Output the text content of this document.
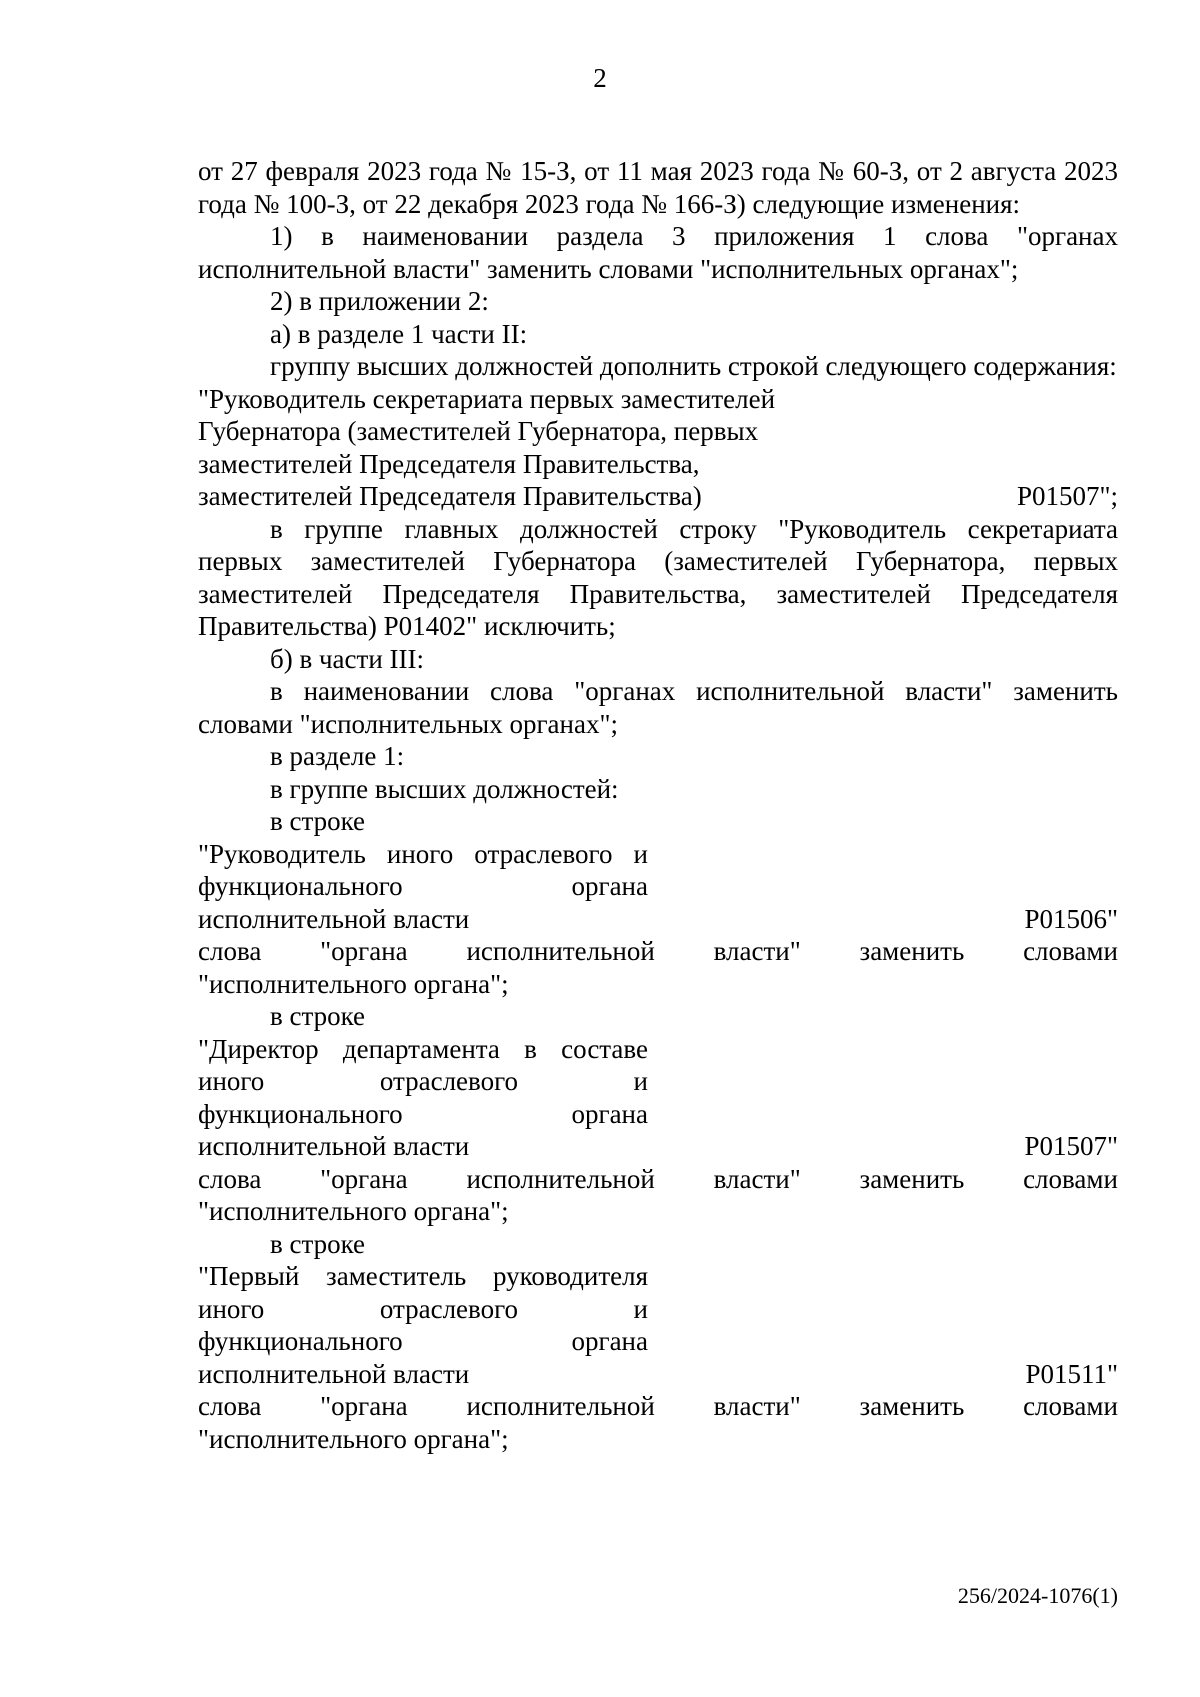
2

от 27 февраля 2023 года № 15-З, от 11 мая 2023 года № 60-З, от 2 августа 2023 года № 100-З, от 22 декабря 2023 года № 166-З) следующие изменения:

1) в наименовании раздела 3 приложения 1 слова "органах исполнительной власти" заменить словами "исполнительных органах";

2) в приложении 2:

а) в разделе 1 части II:

группу высших должностей дополнить строкой следующего содержания:

"Руководитель секретариата первых заместителей

Губернатора (заместителей Губернатора, первых

заместителей Председателя Правительства,

заместителей Председателя Правительства)	Р01507";

в группе главных должностей строку "Руководитель секретариата первых заместителей Губернатора (заместителей Губернатора, первых заместителей Председателя Правительства, заместителей Председателя Правительства) Р01402" исключить;

б) в части III:

в наименовании слова "органах исполнительной власти" заменить словами "исполнительных органах";

в разделе 1:

в группе высших должностей:

в строке

"Руководитель иного отраслевого и

функционального органа

исполнительной власти	Р01506"
слова "органа исполнительной власти" заменить словами

"исполнительного органа";

в строке

"Директор департамента в составе

иного отраслевого и

функционального органа

исполнительной власти	Р01507"
слова "органа исполнительной власти" заменить словами

"исполнительного органа";

в строке

"Первый заместитель руководителя

иного отраслевого и

функционального органа

исполнительной власти	Р01511"
слова "органа исполнительной власти" заменить словами

"исполнительного органа";

256/2024-1076(1)
